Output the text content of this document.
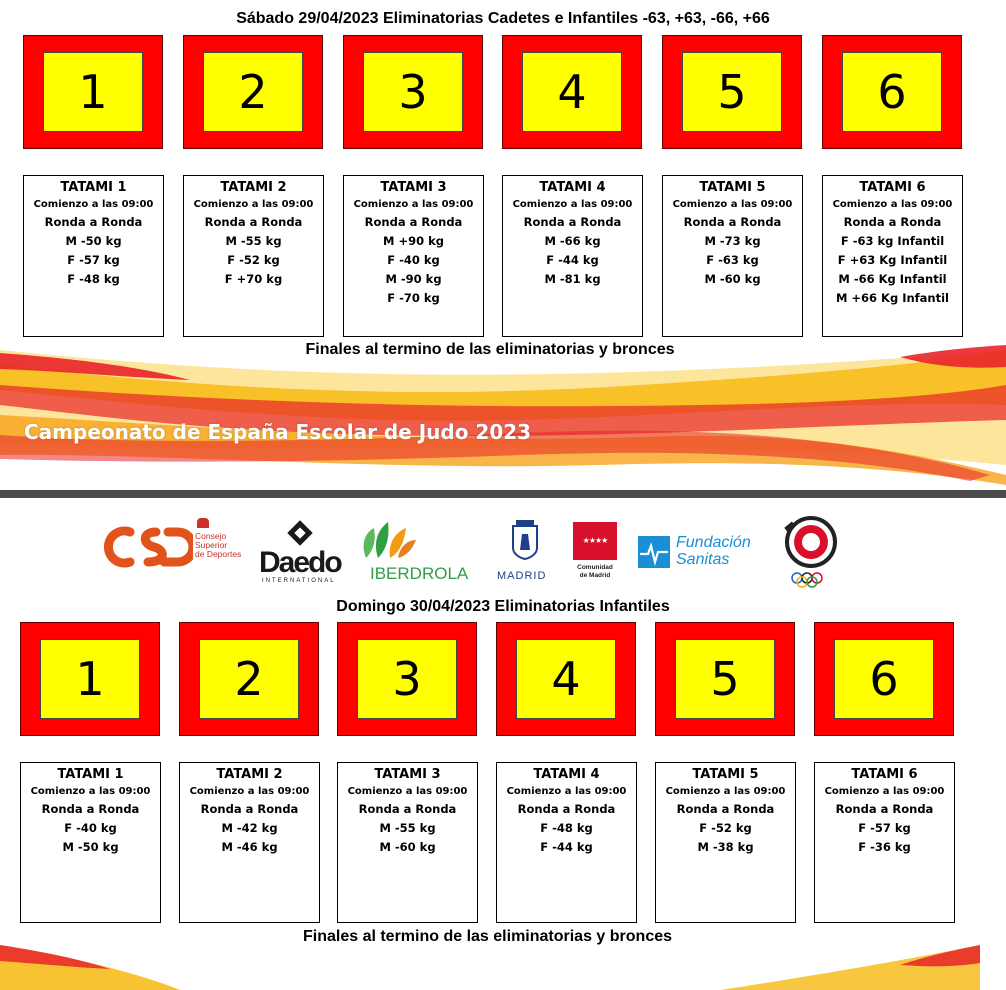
Sábado 29/04/2023 Eliminatorias Cadetes e Infantiles -63, +63, -66, +66
1	2	3	4	5	6
TATAMI 1
Comienzo a las 09:00
Ronda a Ronda
M -50 kg
F -57 kg
F -48 kg
TATAMI 2
Comienzo a las 09:00
Ronda a Ronda
M -55 kg
F -52 kg
F +70 kg
TATAMI 3
Comienzo a las 09:00
Ronda a Ronda
M +90 kg
F -40 kg
M -90 kg
F -70 kg
TATAMI 4
Comienzo a las 09:00
Ronda a Ronda
M -66 kg
F -44 kg
M -81 kg
TATAMI 5
Comienzo a las 09:00
Ronda a Ronda
M -73 kg
F -63 kg
M -60 kg
TATAMI 6
Comienzo a las 09:00
Ronda a Ronda
F -63 kg Infantil
F +63 Kg Infantil
M -66 Kg Infantil
M +66 Kg Infantil
Finales al termino de las eliminatorias y bronces
Campeonato de España Escolar de Judo 2023
Consejo
Superior
de Deportes Daedo
INTERNATIONAL IBERDROLA	MADRID
★★★★
Comunidad
de Madrid
Fundación
Sanitas
Domingo 30/04/2023 Eliminatorias Infantiles
1	2	3	4	5	6
TATAMI 1
Comienzo a las 09:00
Ronda a Ronda
F -40 kg
M -50 kg
TATAMI 2
Comienzo a las 09:00
Ronda a Ronda
M -42 kg
M -46 kg
TATAMI 3
Comienzo a las 09:00
Ronda a Ronda
M -55 kg
M -60 kg
TATAMI 4
Comienzo a las 09:00
Ronda a Ronda
F -48 kg
F -44 kg
TATAMI 5
Comienzo a las 09:00
Ronda a Ronda
F -52 kg
M -38 kg
TATAMI 6
Comienzo a las 09:00
Ronda a Ronda
F -57 kg
F -36 kg
Finales al termino de las eliminatorias y bronces
